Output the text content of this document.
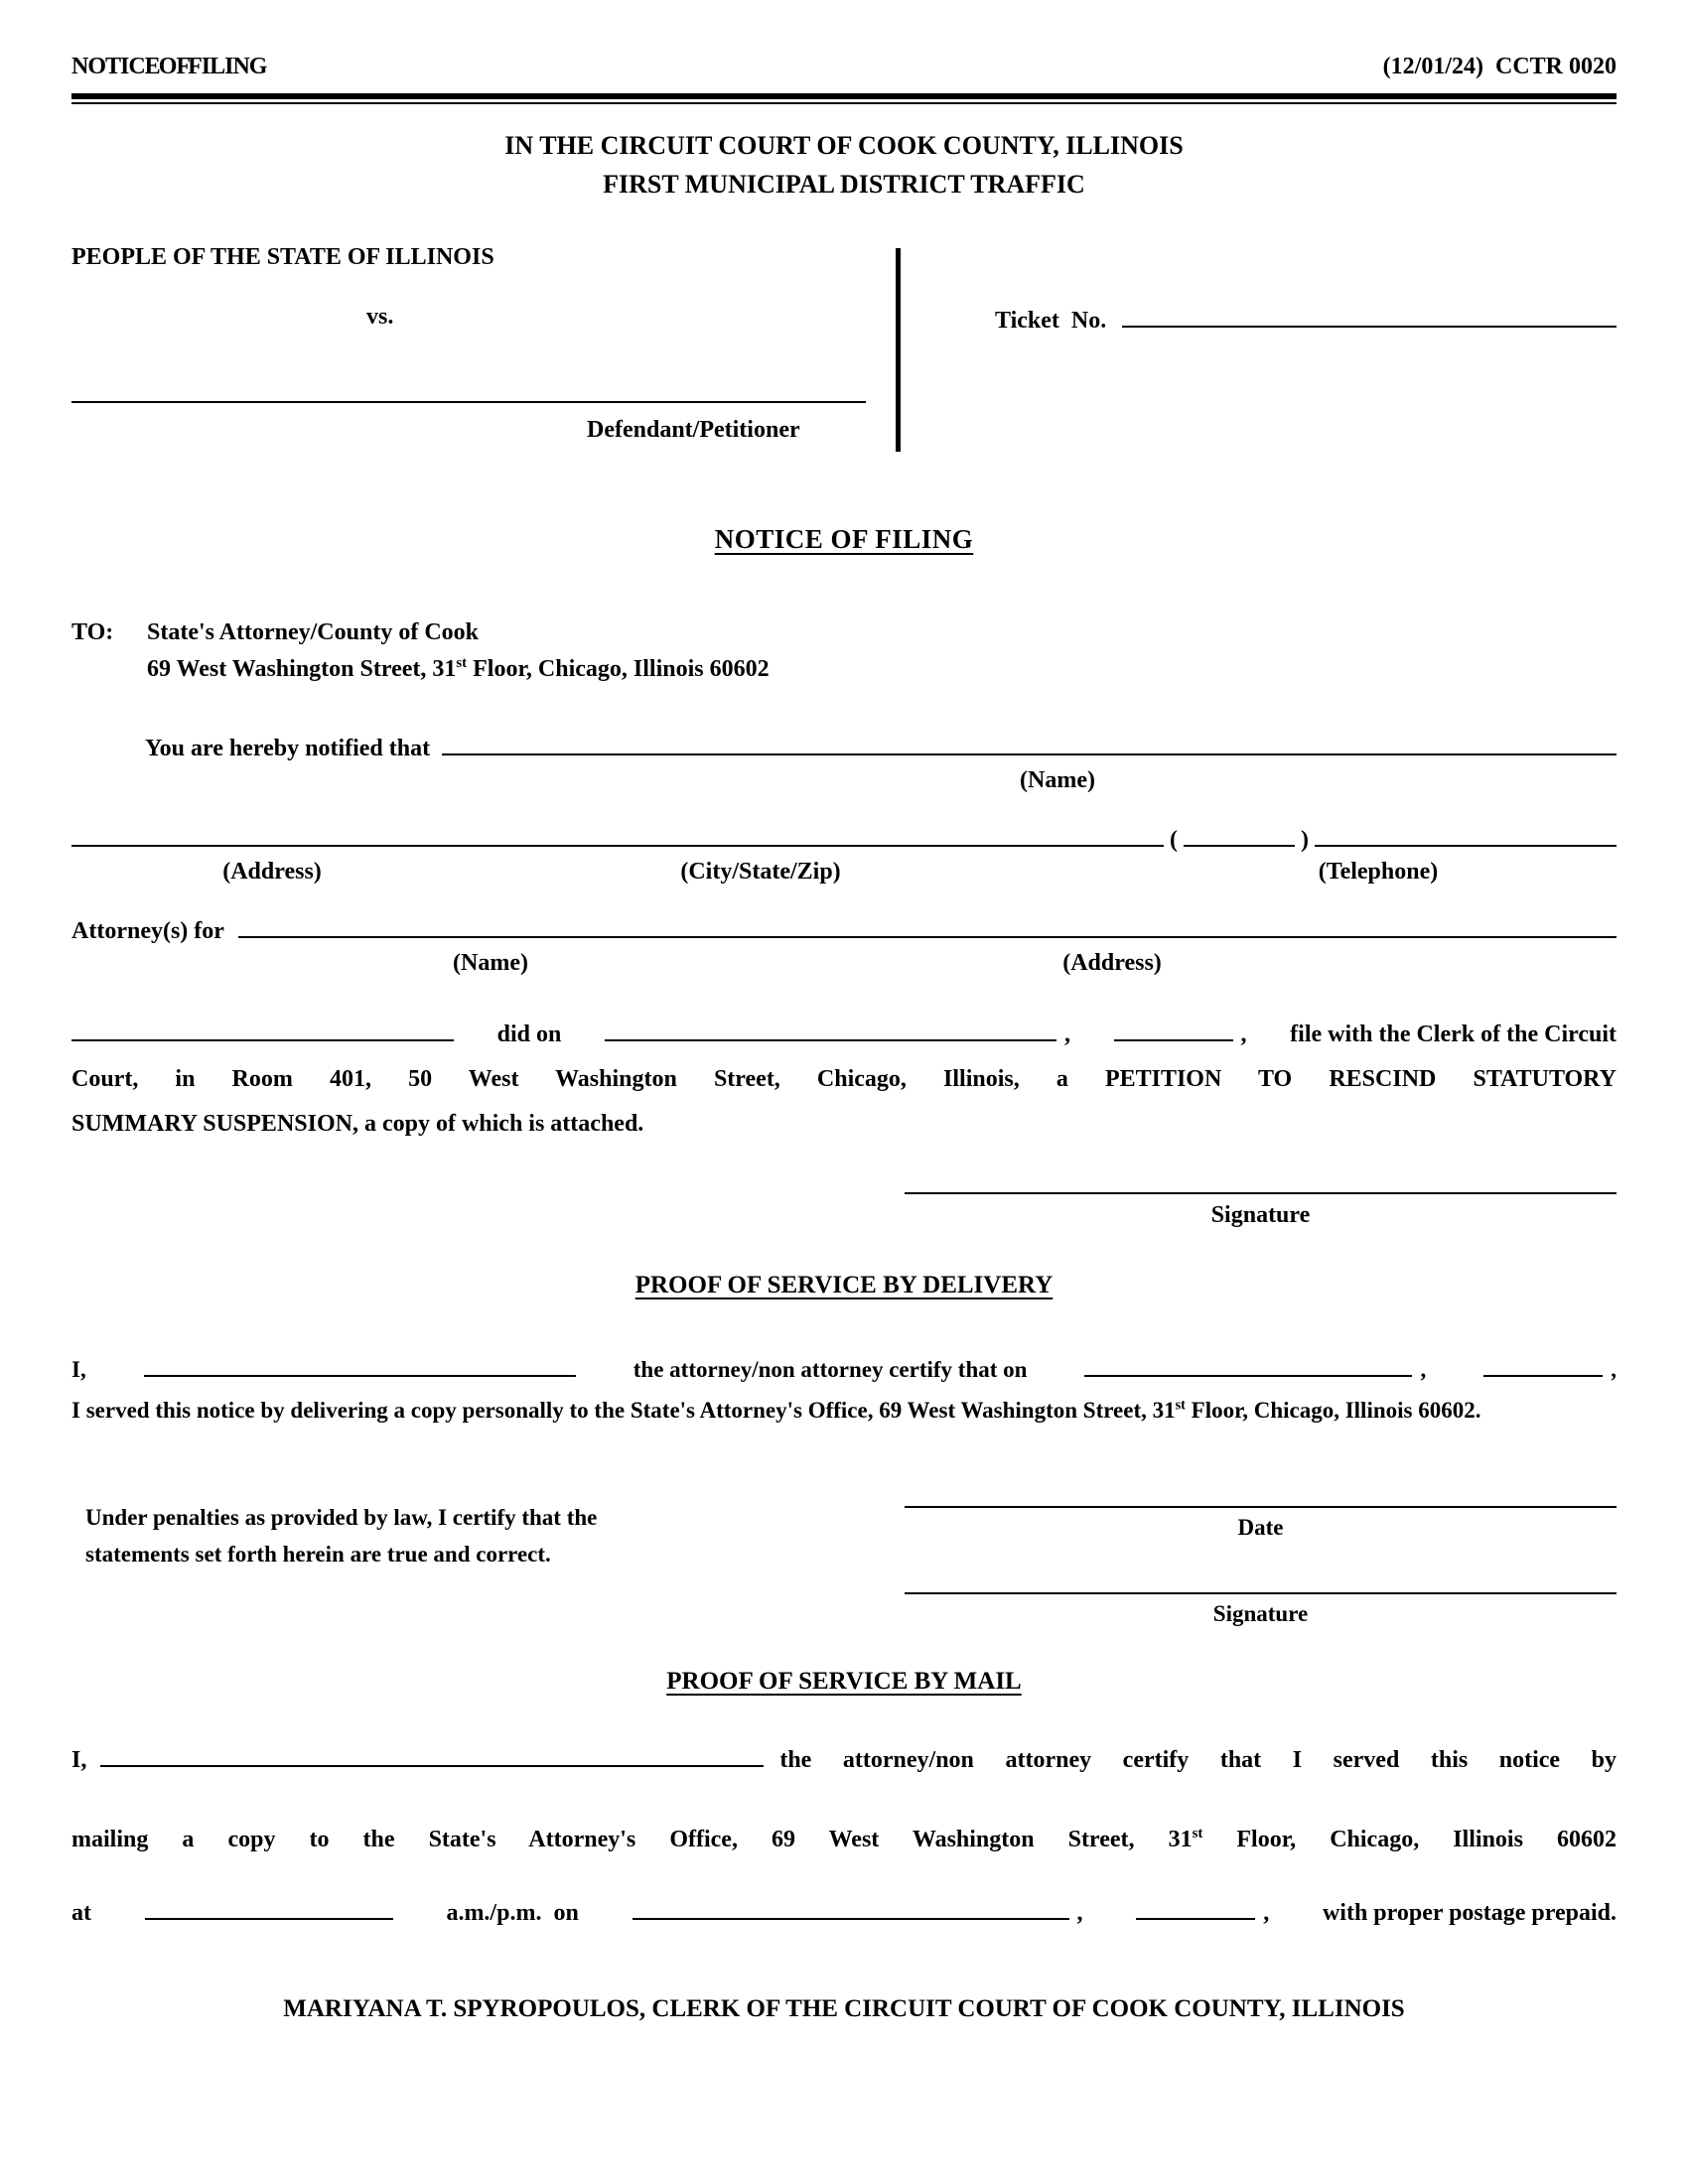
NOTICE OF FILING	(12/01/24)  CCTR 0020
IN THE CIRCUIT COURT OF COOK COUNTY, ILLINOIS
FIRST MUNICIPAL DISTRICT TRAFFIC
PEOPLE OF THE STATE OF ILLINOIS
vs.
Defendant/Petitioner
Ticket  No.
NOTICE OF FILING
TO:	State's Attorney/County of Cook
69 West Washington Street, 31st Floor, Chicago, Illinois 60602
You are hereby notified that
(Name)
(	)
(Address)	(City/State/Zip)	(Telephone)
Attorney(s) for
(Name)	(Address)
did on	,	, file with the Clerk of the Circuit
Court, in Room 401, 50 West Washington Street, Chicago, Illinois, a PETITION TO RESCIND STATUTORY
SUMMARY SUSPENSION, a copy of which is attached.
Signature
PROOF OF SERVICE BY DELIVERY
I,	the attorney/non attorney certify that on	,	,
I served this notice by delivering a copy personally to the State's Attorney's Office, 69 West Washington Street, 31st Floor, Chicago, Illinois 60602.
Under penalties as provided by law, I certify that the
statements set forth herein are true and correct.
Date
Signature
PROOF OF SERVICE BY MAIL
I,	the attorney/non attorney certify that I served this notice by
mailing a copy to the State's Attorney's Office, 69 West Washington Street, 31st Floor, Chicago, Illinois 60602
at	a.m./p.m.  on	,	, with proper postage prepaid.
MARIYANA T. SPYROPOULOS, CLERK OF THE CIRCUIT COURT OF COOK COUNTY, ILLINOIS
